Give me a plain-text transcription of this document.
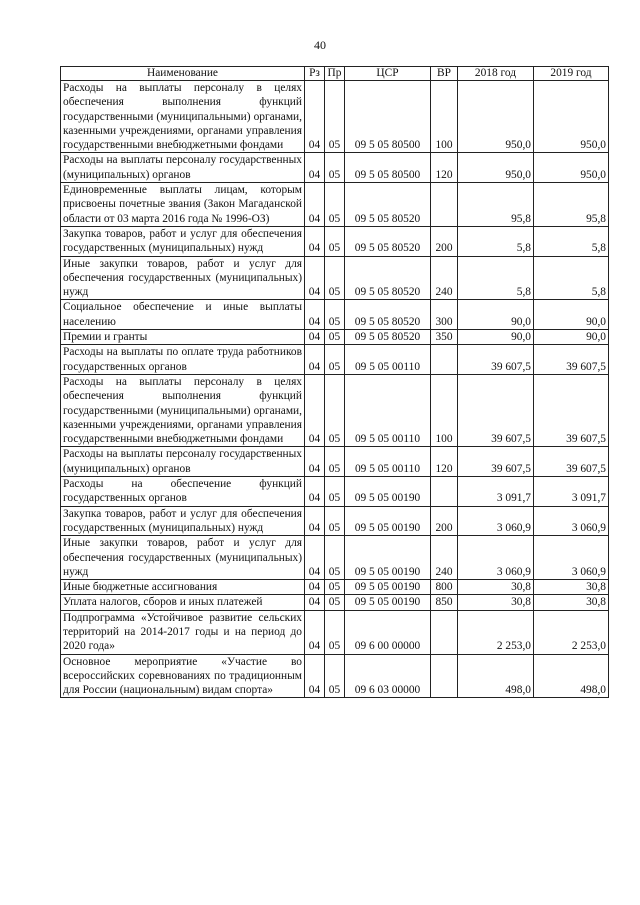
40
Наименование	Рз	Пр	ЦСР	ВР	2018 год	2019 год
Расходы на выплаты персоналу в целях обеспечения выполнения функций государственными (муниципальными) органами, казенными учреждениями, органами управления государственными внебюджетными фондами	04	05	09 5 05 80500	100	950,0	950,0
Расходы на выплаты персоналу государственных (муниципальных) органов	04	05	09 5 05 80500	120	950,0	950,0
Единовременные выплаты лицам, которым присвоены почетные звания (Закон Магаданской области от 03 марта 2016 года № 1996-ОЗ)	04	05	09 5 05 80520		95,8	95,8
Закупка товаров, работ и услуг для обеспечения государственных (муниципальных) нужд	04	05	09 5 05 80520	200	5,8	5,8
Иные закупки товаров, работ и услуг для обеспечения государственных (муниципальных) нужд	04	05	09 5 05 80520	240	5,8	5,8
Социальное обеспечение и иные выплаты населению	04	05	09 5 05 80520	300	90,0	90,0
Премии и гранты	04	05	09 5 05 80520	350	90,0	90,0
Расходы на выплаты по оплате труда работников государственных органов	04	05	09 5 05 00110		39 607,5	39 607,5
Расходы на выплаты персоналу в целях обеспечения выполнения функций государственными (муниципальными) органами, казенными учреждениями, органами управления государственными внебюджетными фондами	04	05	09 5 05 00110	100	39 607,5	39 607,5
Расходы на выплаты персоналу государственных (муниципальных) органов	04	05	09 5 05 00110	120	39 607,5	39 607,5
Расходы на обеспечение функций государственных органов	04	05	09 5 05 00190		3 091,7	3 091,7
Закупка товаров, работ и услуг для обеспечения государственных (муниципальных) нужд	04	05	09 5 05 00190	200	3 060,9	3 060,9
Иные закупки товаров, работ и услуг для обеспечения государственных (муниципальных) нужд	04	05	09 5 05 00190	240	3 060,9	3 060,9
Иные бюджетные ассигнования	04	05	09 5 05 00190	800	30,8	30,8
Уплата налогов, сборов и иных платежей	04	05	09 5 05 00190	850	30,8	30,8
Подпрограмма «Устойчивое развитие сельских территорий на 2014-2017 годы и на период до 2020 года»	04	05	09 6 00 00000		2 253,0	2 253,0
Основное мероприятие «Участие во всероссийских соревнованиях по традиционным для России (национальным) видам спорта»	04	05	09 6 03 00000		498,0	498,0
